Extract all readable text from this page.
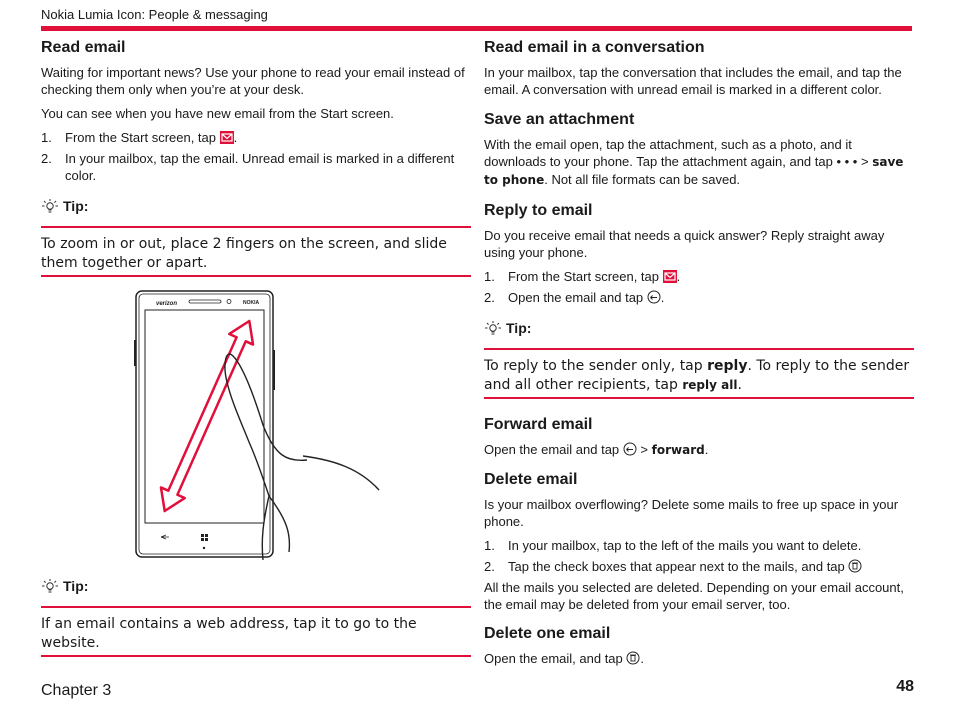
Nokia Lumia Icon: People & messaging
Read email

Waiting for important news? Use your phone to read your email instead of checking them only when you’re at your desk.

You can see when you have new email from the Start screen.

1. From the Start screen, tap .
2. In your mailbox, tap the email. Unread email is marked in a different color.
Tip:
To zoom in or out, place 2 fingers on the screen, and slide them together or apart.
verizon	NOKIA
Tip:
If an email contains a web address, tap it to go to the website.
Read email in a conversation

In your mailbox, tap the conversation that includes the email, and tap the email. A conversation with unread email is marked in a different color.

Save an attachment

With the email open, tap the attachment, such as a photo, and it downloads to your phone. Tap the attachment again, and tap • • • > save to phone. Not all file formats can be saved.

Reply to email

Do you receive email that needs a quick answer? Reply straight away using your phone.

1. From the Start screen, tap .
2. Open the email and tap .
Tip:
To reply to the sender only, tap reply. To reply to the sender and all other recipients, tap reply all.
Forward email

Open the email and tap > forward.

Delete email

Is your mailbox overflowing? Delete some mails to free up space in your phone.

1. In your mailbox, tap to the left of the mails you want to delete.
2. Tap the check boxes that appear next to the mails, and tap

All the mails you selected are deleted. Depending on your email account, the email may be deleted from your email server, too.

Delete one email

Open the email, and tap .

Chapter 3	48
